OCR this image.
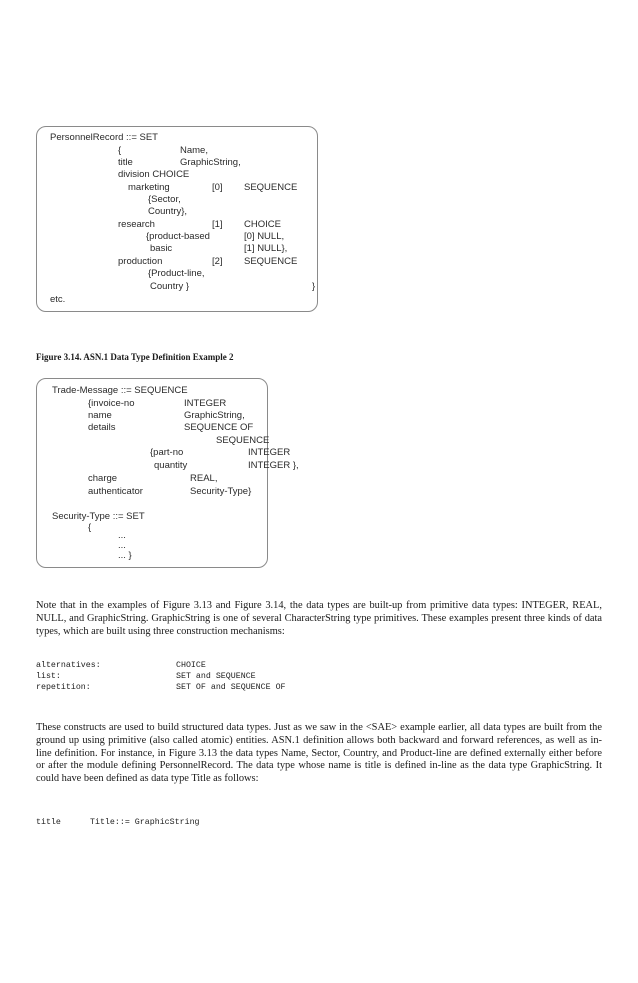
PersonnelRecord ::= SET
{	Name,
title	GraphicString,
division CHOICE
marketing	[0] SEQUENCE
{Sector,
Country},
research	[1] CHOICE
{product-based	[0] NULL,
basic	[1] NULL},
production	[2] SEQUENCE
{Product-line,
Country }	}
etc.
Figure 3.14. ASN.1 Data Type Definition Example 2
Trade-Message ::= SEQUENCE
{invoice-no	INTEGER
name	GraphicString,
details	SEQUENCE OF
SEQUENCE
{part-no	INTEGER
quantity	INTEGER },
charge	REAL,
authenticator	Security-Type}
Security-Type ::= SET
{
...
...
... }

Note that in the examples of Figure 3.13 and Figure 3.14, the data types are built-up from primitive data types: INTEGER, REAL, NULL, and GraphicString. GraphicString is one of several CharacterString type primitives. These examples present three kinds of data types, which are built using three construction mechanisms:

alternatives:	CHOICE
list:	SET and SEQUENCE
repetition:	SET OF and SEQUENCE OF

These constructs are used to build structured data types. Just as we saw in the <SAE> example earlier, all data types are built from the ground up using primitive (also called atomic) entities. ASN.1 definition allows both backward and forward references, as well as in-line definition. For instance, in Figure 3.13 the data types Name, Sector, Country, and Product-line are defined externally either before or after the module defining PersonnelRecord. The data type whose name is title is defined in-line as the data type GraphicString. It could have been defined as data type Title as follows:

title	Title::= GraphicString
